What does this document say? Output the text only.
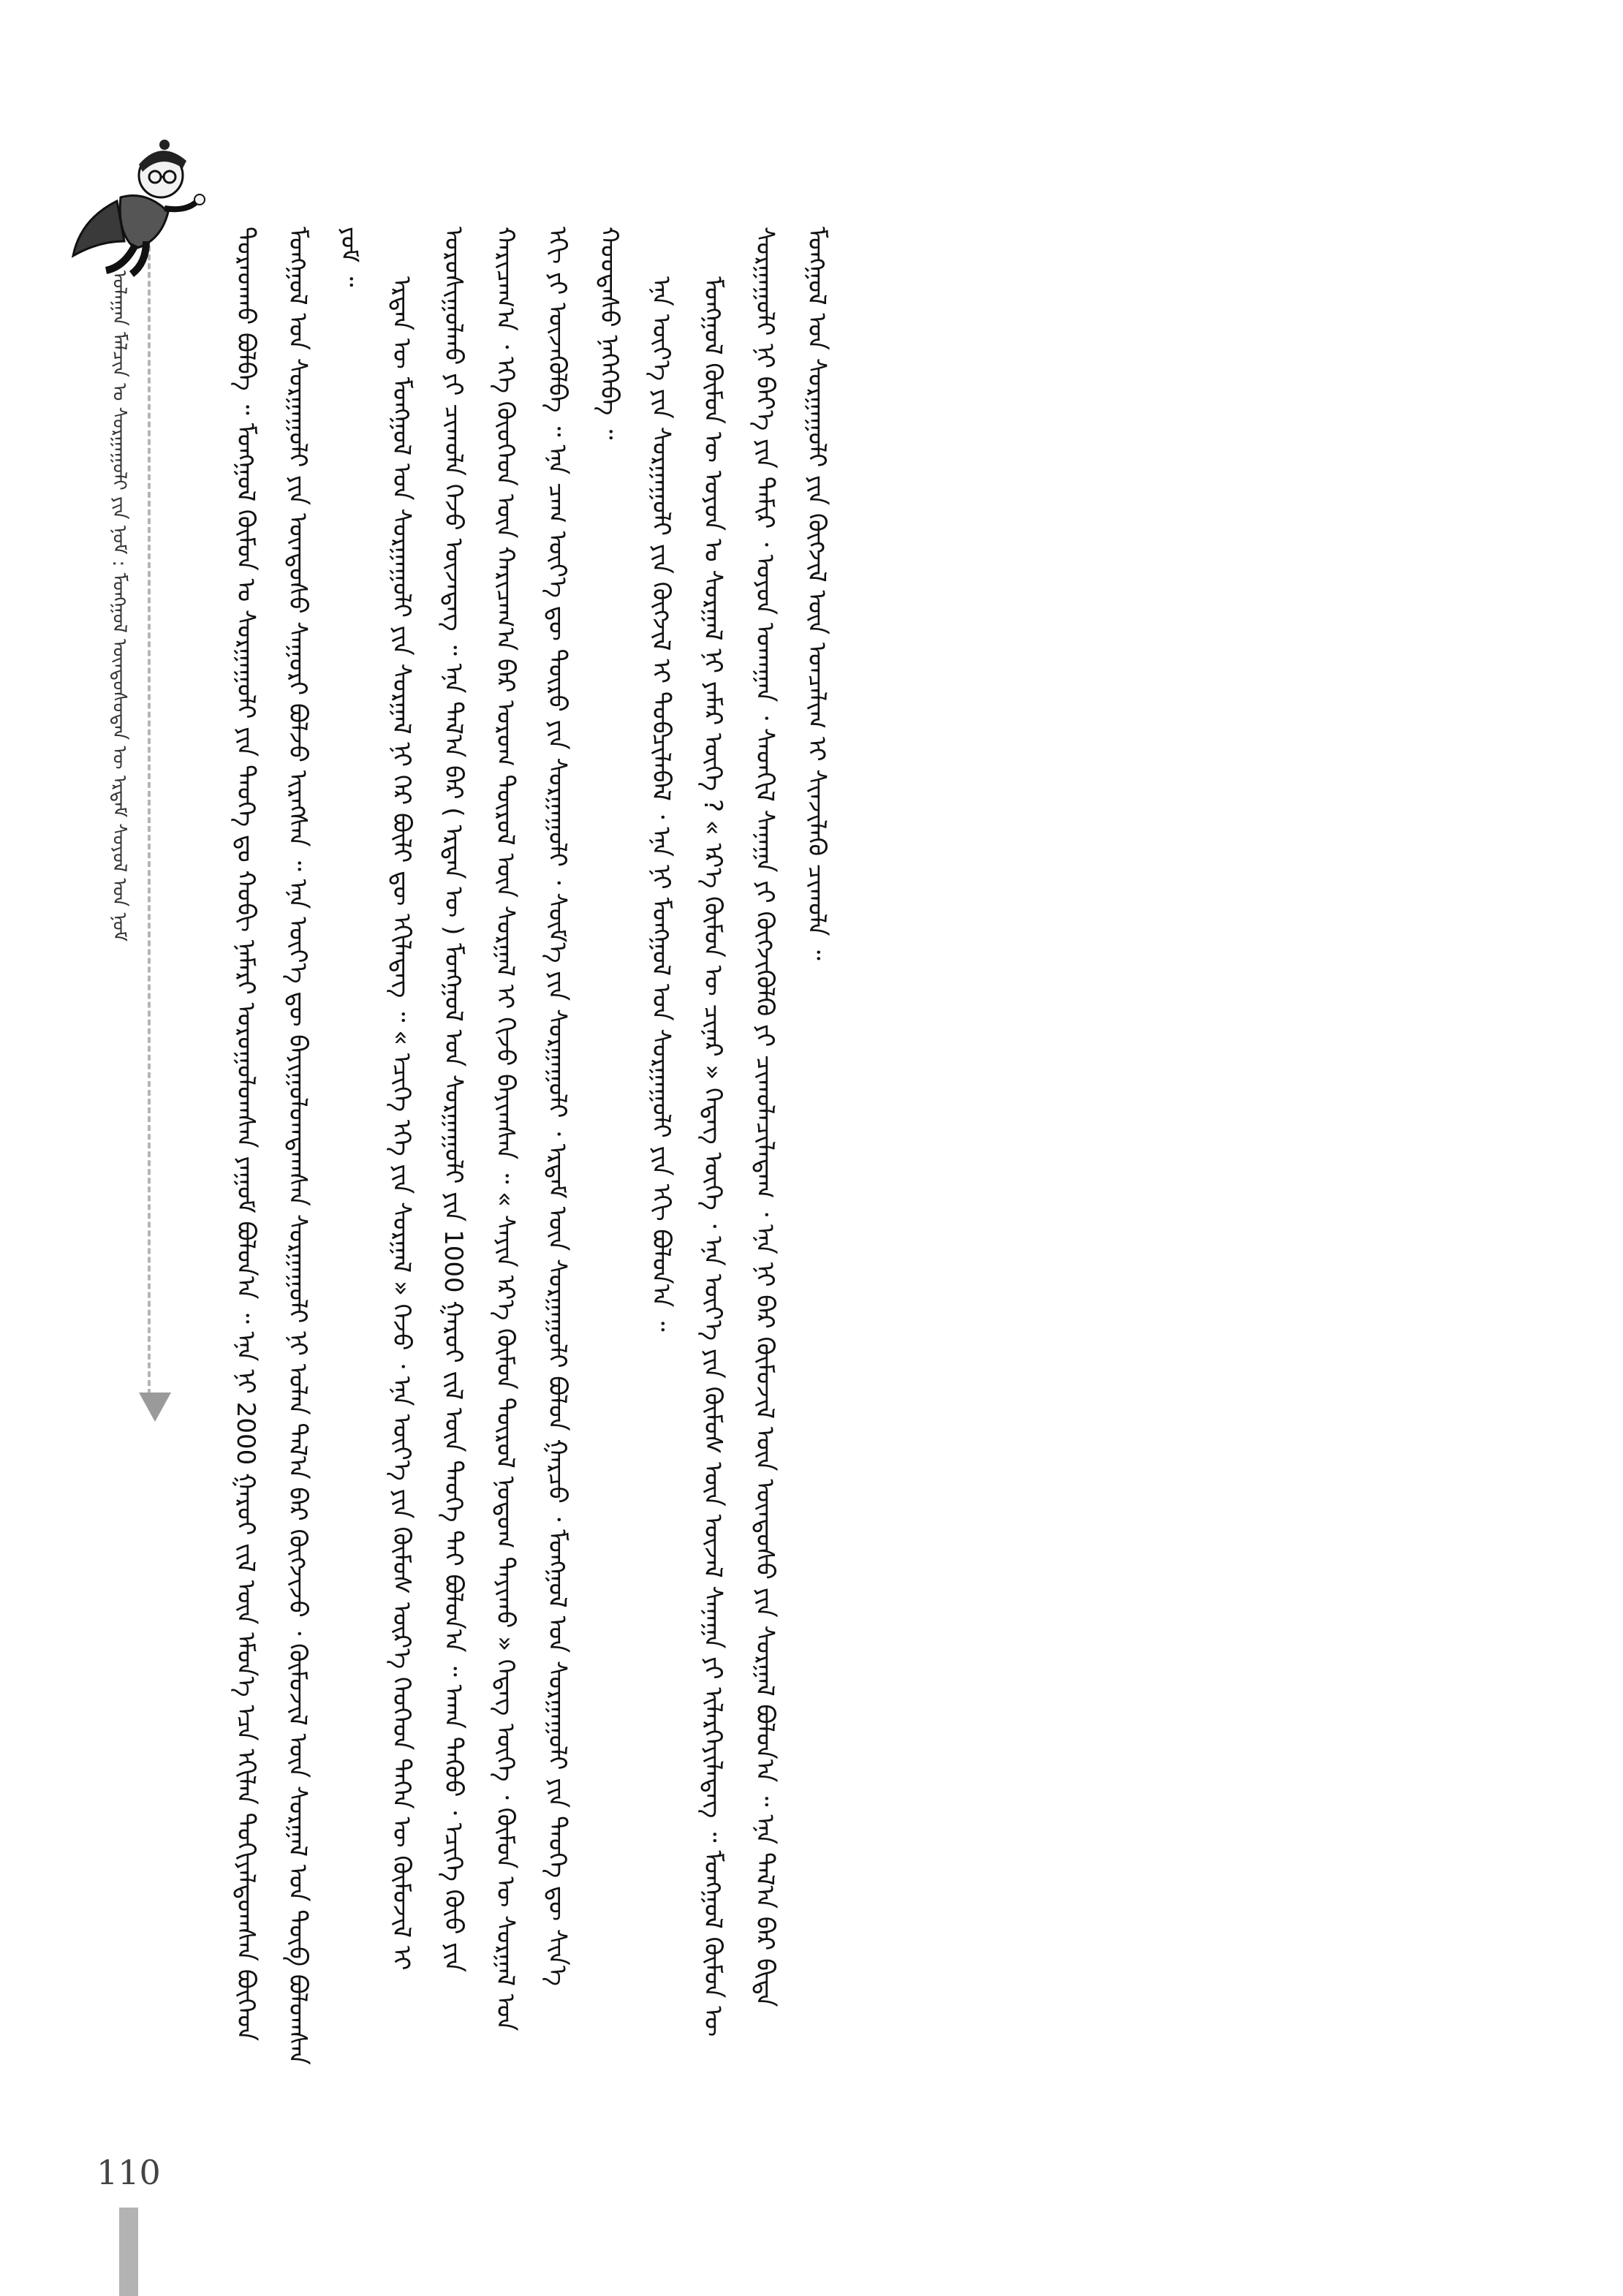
ᠤᠯᠠᠭᠠᠨ ᠮᠠᠯᠴᠢᠨ ᠤ ᠰᠤᠷᠭᠠᠭᠤᠯᠢ ᠶᠢᠨ ᠨᠣᠮ : ᠮᠣᠩᠭᠣᠯ ᠦᠨᠳᠦᠰᠦᠲᠡᠨ ᠦ ᠡᠷᠳᠡᠮ ᠰᠣᠶᠣᠯ ᠤᠨ ᠨᠣᠮ	ᠳᠤᠷᠠᠳᠬᠤ ᠪᠣᠯᠪᠠ ᠃ ᠮᠣᠩᠭᠣᠯ ᠬᠦᠮᠦᠨ ᠤ ᠰᠤᠷᠭᠠᠭᠤᠯᠢ ᠶᠢᠨ ᠲᠡᠦᠬᠡ ᠳᠤ ᠬᠤᠪᠢ ᠨᠡᠮᠡᠷᠢ ᠣᠷᠤᠭᠤᠯᠤᠭᠰᠠᠨ ᠶᠠᠭᠤᠮ ᠪᠣᠯᠤᠨ᠎ᠠ ᠃ ᠡᠨᠡ ᠨᠢ 2000 ᠭᠠᠷᠤᠢ ᠵᠢᠯ ᠦᠨ ᠡᠮᠦᠨ᠎ᠡ ᠡᠴᠡ ᠡᠬᠢᠯᠡᠨ ᠲᠣᠬᠢᠶᠠᠯᠳᠤᠭᠰᠠᠨ ᠪᠥᠭᠡᠳ ᠮᠣᠩᠭᠣᠯ ᠤᠨ ᠰᠤᠷᠭᠠᠭᠤᠯᠢ ᠶᠢᠨ ᠦᠨᠳᠦᠰᠦ ᠰᠠᠭᠤᠷᠢ ᠪᠣᠯᠵᠤ ᠢᠷᠡᠭᠰᠡᠨ ᠃ ᠡᠨᠡ ᠦᠶ᠎ᠡ ᠳᠦ ᠪᠠᠶᠢᠭᠤᠯᠤᠭᠳᠠᠭᠰᠠᠨ ᠰᠤᠷᠭᠠᠭᠤᠯᠢ ᠨᠢ ᠣᠯᠠᠨ ᠲᠠᠯ᠎ᠠ ᠪᠠᠷ ᠬᠥᠭᠵᠢᠵᠦ ᠂ ᠬᠦᠮᠦᠵᠢᠯ ᠦᠨ ᠰᠤᠷᠭᠠᠯ ᠤᠨ ᠲᠥᠪ ᠪᠣᠯᠤᠭᠰᠠᠨ ᠶᠤᠮ ᠃

ᠡᠷᠲᠡᠨ ᠦ ᠮᠣᠩᠭᠣᠯ ᠤᠨ ᠰᠤᠷᠭᠠᠭᠤᠯᠢ ᠶᠢᠨ ᠰᠤᠷᠭᠠᠯ ᠨᠢ ᠭᠡᠷ ᠪᠦᠯᠢ ᠳᠦ ᠡᠬᠢᠯᠡᠳᠡᠭ ᠃ « ᠡᠴᠢᠭᠡ ᠡᠬᠡ ᠶᠢᠨ ᠰᠤᠷᠭᠠᠯ » ᠭᠡᠵᠦ ᠂ ᠡᠨᠡ ᠦᠶ᠎ᠡ ᠶᠢᠨ ᠬᠦᠮᠦᠰ ᠦᠷ᠎ᠡ ᠬᠡᠦᠬᠡᠳ ᠲᠡᠭᠡᠨ ᠦ ᠬᠦᠮᠦᠵᠢᠯ ᠢ ᠣᠷᠤᠰᠢᠭᠤᠯᠬᠤ ᠶᠢ ᠴᠢᠬᠤᠯᠠ ᠭᠡᠵᠦ ᠦᠵᠡᠳᠡᠭ ᠃ ᠡᠨᠡ ᠲᠠᠯ᠎ᠠ ᠪᠠᠷ ( ᠡᠷᠲᠡᠨ ᠦ ) ᠮᠣᠩᠭᠣᠯ ᠤᠨ ᠰᠤᠷᠭᠠᠭᠤᠯᠢ ᠶᠢᠨ 1000 ᠭᠠᠷᠤᠢ ᠵᠢᠯ ᠦᠨ ᠲᠡᠦᠬᠡ ᠲᠡᠢ ᠪᠣᠯᠤᠨ᠎ᠠ ᠃ ᠠᠬᠠ ᠳᠡᠭᠦᠦ ᠂ ᠡᠴᠢᠭᠡ ᠬᠦᠦ ᠶᠢᠨ ᠬᠠᠷᠢᠴᠠᠭ᠎ᠠ ᠂ ᠡᠬᠡ ᠬᠦᠦᠬᠡᠳ ᠦᠨ ᠬᠠᠷᠢᠴᠠᠭ᠎ᠠ ᠪᠡᠷ ᠤᠷᠤᠭ ᠲᠥᠷᠦᠯ ᠦᠨ ᠰᠤᠷᠭᠠᠯ ᠢ ᠬᠢᠵᠦ ᠪᠠᠶᠢᠭᠰᠠᠨ ᠃ « ᠰᠠᠶᠢᠨ ᠡᠷ᠎ᠡ ᠬᠦᠮᠦᠨ ᠲᠥᠷᠥᠯ ᠨᠤᠲᠤᠭ ᠲᠠᠶᠢᠬᠤ » ᠭᠡᠳᠡᠭ ᠦᠭᠡ ᠂ ᠬᠦᠮᠦᠨ ᠦ ᠰᠤᠷᠭᠠᠯ ᠤᠨ ᠡᠬᠢ ᠶᠢ ᠦᠵᠡᠭᠦᠯᠪᠡ ᠃ ᠡᠨᠡ ᠴᠠᠭ ᠦᠶ᠎ᠡ ᠳᠦ ᠲᠥᠷᠥ ᠶᠢᠨ ᠰᠤᠷᠭᠠᠭᠤᠯᠢ ᠂ ᠰᠦᠮ᠎ᠡ ᠶᠢᠨ ᠰᠤᠷᠭᠠᠭᠤᠯᠢ ᠂ ᠡᠷᠳᠡᠮ ᠦᠨ ᠰᠤᠷᠭᠠᠭᠤᠯᠢ ᠪᠣᠯᠤᠨ ᠭᠠᠷᠴᠤ ᠂ ᠮᠣᠩᠭᠣᠯ ᠤᠨ ᠰᠤᠷᠭᠠᠭᠤᠯᠢ ᠶᠢᠨ ᠲᠡᠦᠬᠡ ᠳᠦ ᠰᠢᠨ᠎ᠡ ᠬᠤᠤᠳᠠᠰᠤ ᠨᠡᠭᠡᠭᠡᠪᠡ ᠃ ᠡᠨᠡ ᠦᠶ᠎ᠡ ᠶᠢᠨ ᠰᠤᠷᠭᠠᠭᠤᠯᠢ ᠶᠢᠨ ᠬᠥᠭᠵᠢᠯ ᠢ ᠲᠣᠪᠴᠢᠯᠠᠪᠠᠯ ᠂ ᠡᠨᠡ ᠨᠢ ᠮᠣᠩᠭᠣᠯ ᠤᠨ ᠰᠤᠷᠭᠠᠭᠤᠯᠢ ᠶᠢᠨ ᠡᠬᠢ ᠪᠣᠯᠤᠨ᠎ᠠ ᠃ ᠮᠣᠩᠭᠣᠯ ᠬᠦᠮᠦᠨ ᠦ ᠣᠶᠤᠨ ᠤ ᠰᠤᠷᠭᠠᠯ ᠨᠢ ᠶᠠᠮᠠᠷ ᠦᠭᠡ ? « ᠡᠷ᠎ᠡ ᠬᠦᠮᠦᠨ ᠦ ᠴᠢᠨᠠᠷ » ᠭᠡᠳᠡᠭ ᠦᠭᠡ ᠂ ᠡᠨᠡ ᠦᠶ᠎ᠡ ᠶᠢᠨ ᠬᠦᠮᠦᠰ ᠦᠨ ᠦᠵᠡᠯ ᠰᠠᠨᠠᠭᠠ ᠶᠢ ᠢᠯᠡᠷᠬᠡᠶᠢᠯᠡᠳᠡᠭ ᠃ ᠮᠣᠩᠭᠣᠯ ᠬᠦᠮᠦᠨ ᠦ ᠰᠤᠷᠭᠠᠭᠤᠯᠢ ᠨᠢ ᠪᠡᠶ᠎ᠡ ᠶᠢᠨ ᠲᠠᠮᠢᠷ ᠂ ᠣᠶᠤᠨ ᠤᠬᠠᠭᠠᠨ ᠂ ᠰᠡᠳᠬᠢᠯ ᠰᠠᠨᠠᠭᠠ ᠶᠢ ᠬᠥᠭᠵᠢᠭᠦᠯᠬᠦ ᠶᠢ ᠴᠢᠬᠤᠯᠠᠴᠢᠯᠠᠳᠠᠭ ᠂ ᠡᠨᠡ ᠨᠢ ᠪᠡᠷ ᠬᠦᠮᠦᠵᠢᠯ ᠦᠨ ᠦᠨᠳᠦᠰᠦ ᠶᠢᠨ ᠰᠤᠷᠭᠠᠯ ᠪᠣᠯᠤᠨ᠎ᠠ ᠃ ᠡᠨᠡ ᠲᠠᠯ᠎ᠠ ᠪᠠᠷ ᠪᠢᠳᠡ ᠮᠣᠩᠭᠣᠯ ᠤᠨ ᠰᠤᠷᠭᠠᠭᠤᠯᠢ ᠶᠢᠨ ᠬᠥᠭᠵᠢᠯ ᠦᠨ ᠣᠨᠴᠠᠯᠢᠭ ᠢ ᠰᠢᠨᠵᠢᠯᠡᠬᠦ ᠴᠢᠬᠤᠯᠠ ᠃

110
